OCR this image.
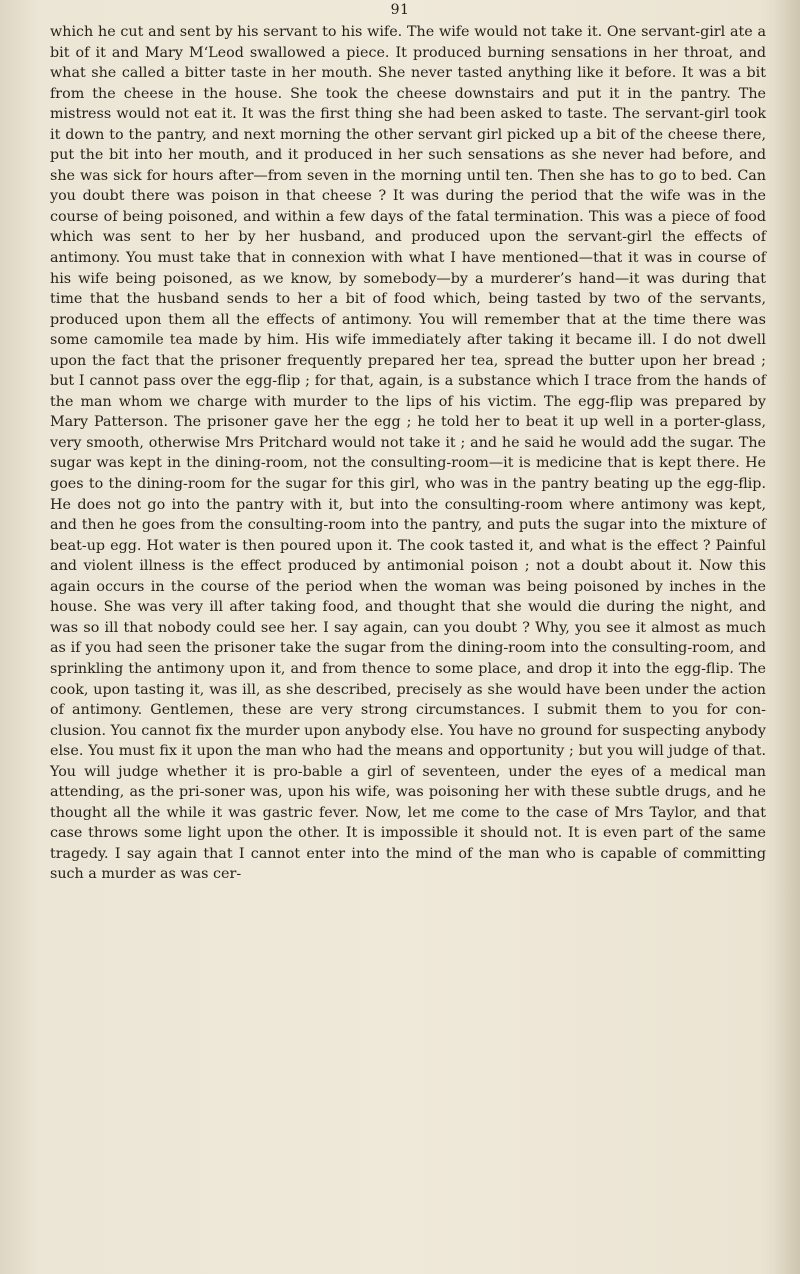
91

which he cut and sent by his servant to his wife. The wife would not take it. One servant-girl ate a bit of it and Mary M‘Leod swallowed a piece. It produced burning sensations in her throat, and what she called a bitter taste in her mouth. She never tasted anything like it before. It was a bit from the cheese in the house. She took the cheese downstairs and put it in the pantry. The mistress would not eat it. It was the first thing she had been asked to taste. The servant-girl took it down to the pantry, and next morning the other servant girl picked up a bit of the cheese there, put the bit into her mouth, and it produced in her such sensations as she never had before, and she was sick for hours after—from seven in the morning until ten. Then she has to go to bed. Can you doubt there was poison in that cheese ? It was during the period that the wife was in the course of being poisoned, and within a few days of the fatal termination. This was a piece of food which was sent to her by her husband, and produced upon the servant-girl the effects of antimony. You must take that in connexion with what I have mentioned—that it was in course of his wife being poisoned, as we know, by somebody—by a murderer’s hand—it was during that time that the husband sends to her a bit of food which, being tasted by two of the servants, produced upon them all the effects of antimony. You will remember that at the time there was some camomile tea made by him. His wife immediately after taking it became ill. I do not dwell upon the fact that the prisoner frequently prepared her tea, spread the butter upon her bread ; but I cannot pass over the egg-flip ; for that, again, is a substance which I trace from the hands of the man whom we charge with murder to the lips of his victim. The egg-flip was prepared by Mary Patterson. The prisoner gave her the egg ; he told her to beat it up well in a porter-glass, very smooth, otherwise Mrs Pritchard would not take it ; and he said he would add the sugar. The sugar was kept in the dining-room, not the consulting-room—it is medicine that is kept there. He goes to the dining-room for the sugar for this girl, who was in the pantry beating up the egg-flip. He does not go into the pantry with it, but into the consulting-room where antimony was kept, and then he goes from the consulting-room into the pantry, and puts the sugar into the mixture of beat-up egg. Hot water is then poured upon it. The cook tasted it, and what is the effect ? Painful and violent illness is the effect produced by antimonial poison ; not a doubt about it. Now this again occurs in the course of the period when the woman was being poisoned by inches in the house. She was very ill after taking food, and thought that she would die during the night, and was so ill that nobody could see her. I say again, can you doubt ? Why, you see it almost as much as if you had seen the prisoner take the sugar from the dining-room into the consulting-room, and sprinkling the antimony upon it, and from thence to some place, and drop it into the egg-flip. The cook, upon tasting it, was ill, as she described, precisely as she would have been under the action of antimony. Gentlemen, these are very strong circumstances. I submit them to you for con-clusion. You cannot fix the murder upon anybody else. You have no ground for suspecting anybody else. You must fix it upon the man who had the means and opportunity ; but you will judge of that. You will judge whether it is pro-bable a girl of seventeen, under the eyes of a medical man attending, as the pri-soner was, upon his wife, was poisoning her with these subtle drugs, and he thought all the while it was gastric fever. Now, let me come to the case of Mrs Taylor, and that case throws some light upon the other. It is impossible it should not. It is even part of the same tragedy. I say again that I cannot enter into the mind of the man who is capable of committing such a murder as was cer-
